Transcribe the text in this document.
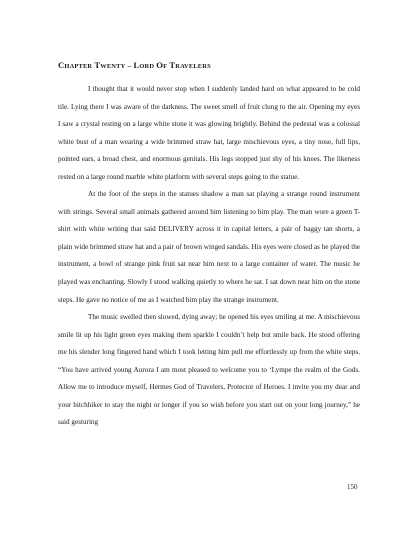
CHAPTER TWENTY – LORD OF TRAVELERS

I thought that it would never stop when I suddenly landed hard on what appeared to be cold tile. Lying there I was aware of the darkness. The sweet smell of fruit clung to the air. Opening my eyes I saw a crystal resting on a large white stone it was glowing brightly. Behind the pedestal was a colossal white bust of a man wearing a wide brimmed straw hat, large mischievous eyes, a tiny nose, full lips, pointed ears, a broad chest, and enormous genitals. His legs stopped just shy of his knees. The likeness rested on a large round marble white platform with several steps going to the statue.

At the foot of the steps in the statues shadow a man sat playing a strange round instrument with strings. Several small animals gathered around him listening to him play. The man wore a green T-shirt with white writing that said DELIVERY across it in capital letters, a pair of baggy tan shorts, a plain wide brimmed straw hat and a pair of brown winged sandals. His eyes were closed as he played the instrument, a bowl of strange pink fruit sat near him next to a large container of water. The music he played was enchanting. Slowly I stood walking quietly to where he sat. I sat down near him on the stone steps. He gave no notice of me as I watched him play the strange instrument.

The music swelled then slowed, dying away; he opened his eyes smiling at me. A mischievous smile lit up his light green eyes making them sparkle I couldn’t help but smile back. He stood offering me his slender long fingered hand which I took letting him pull me effortlessly up from the white steps. “You have arrived young Aurora I am most pleased to welcome you to ‘Lympe the realm of the Gods. Allow me to introduce myself, Hermes God of Travelers, Protector of Heroes. I invite you my dear and your hitchhiker to stay the night or longer if you so wish before you start out on your long journey,” he said gesturing

150
